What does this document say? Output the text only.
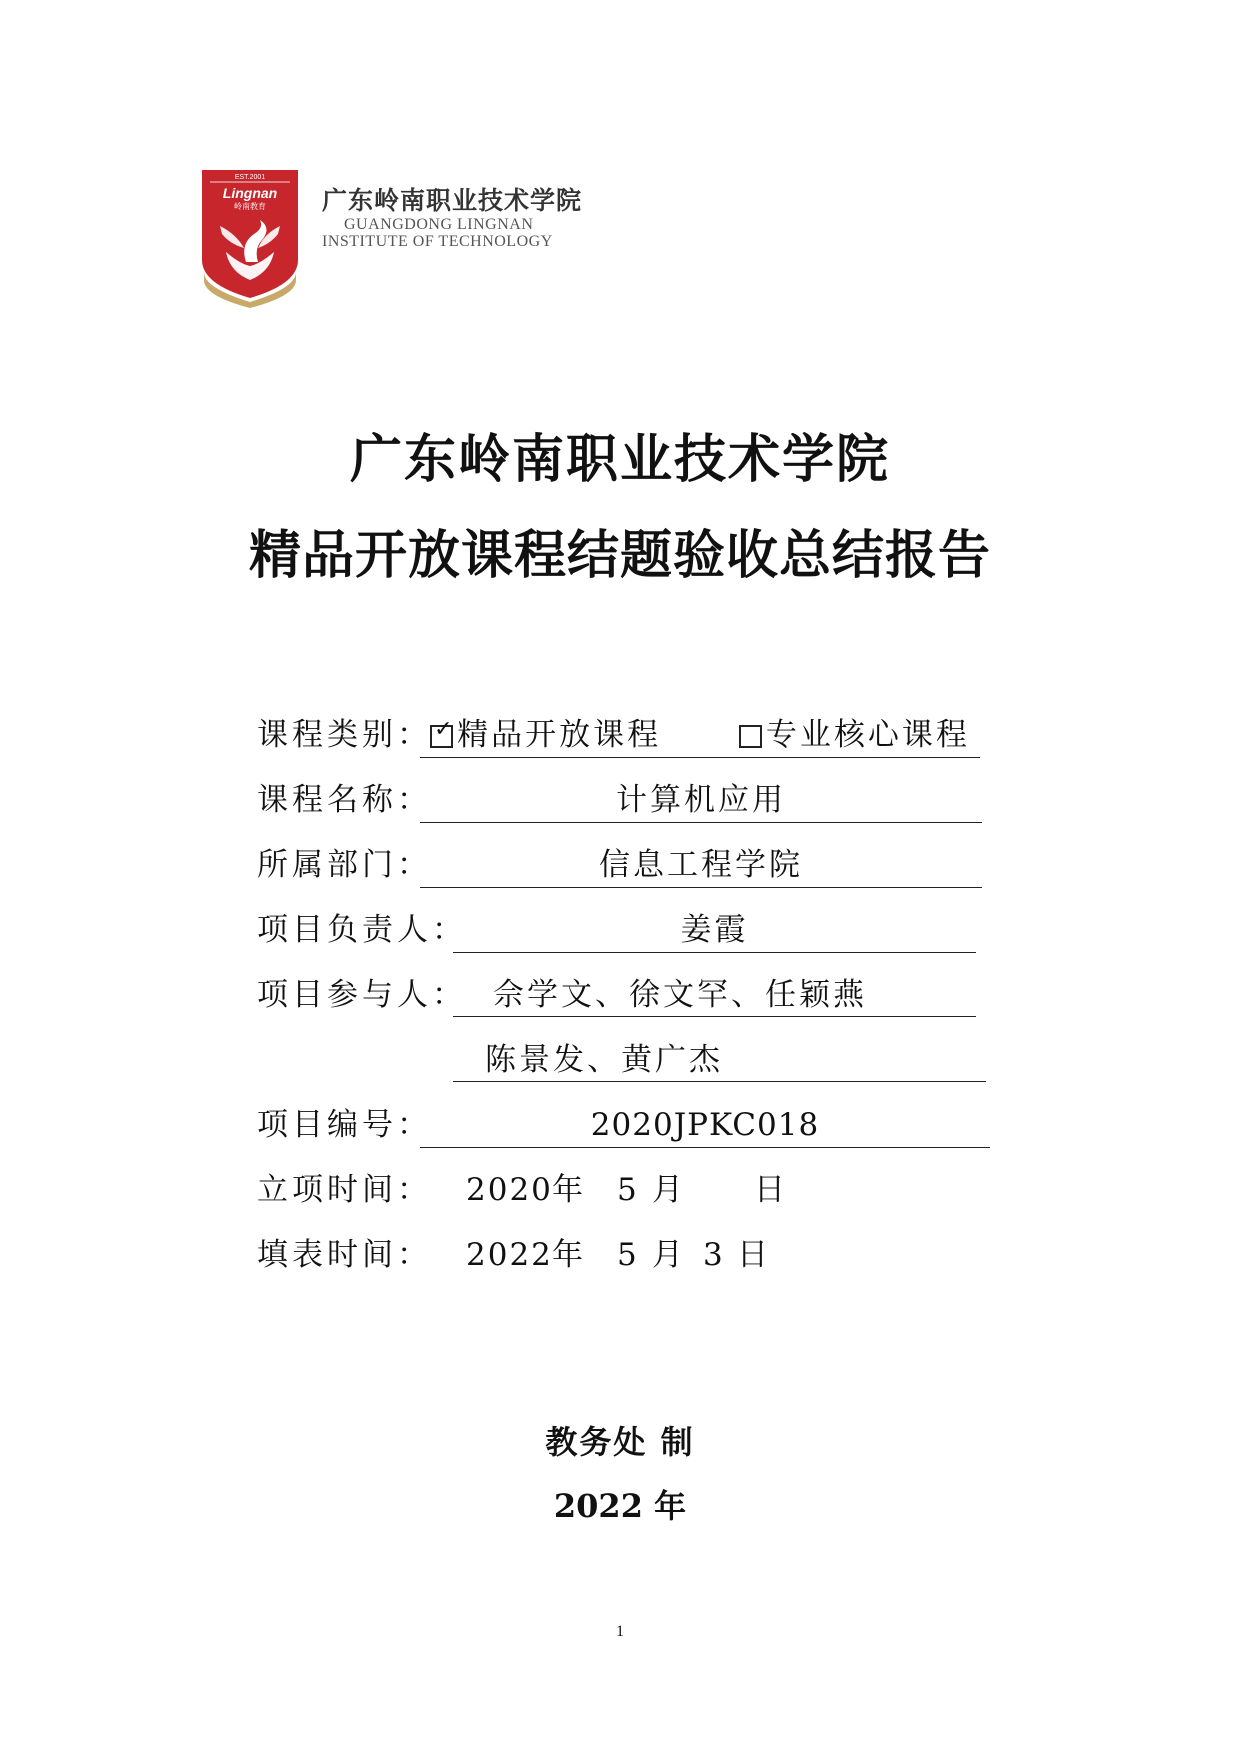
EST.2001
Lingnan
岭南教育 广东岭南职业技术学院
GUANGDONG LINGNAN
INSTITUTE OF TECHNOLOGY
广东岭南职业技术学院
精品开放课程结题验收总结报告
课程类别： ✓ 精品开放课程	专业核心课程
课程名称：	计算机应用
所属部门：	信息工程学院
项目负责人：	姜霞
项目参与人： 佘学文、徐文罕、任颖燕
陈景发、黄广杰
项目编号：	2020JPKC018
立项时间： 2020 年 5 月 日
填表时间： 2022 年 5 月 3 日
教务处 制
2022 年
1
